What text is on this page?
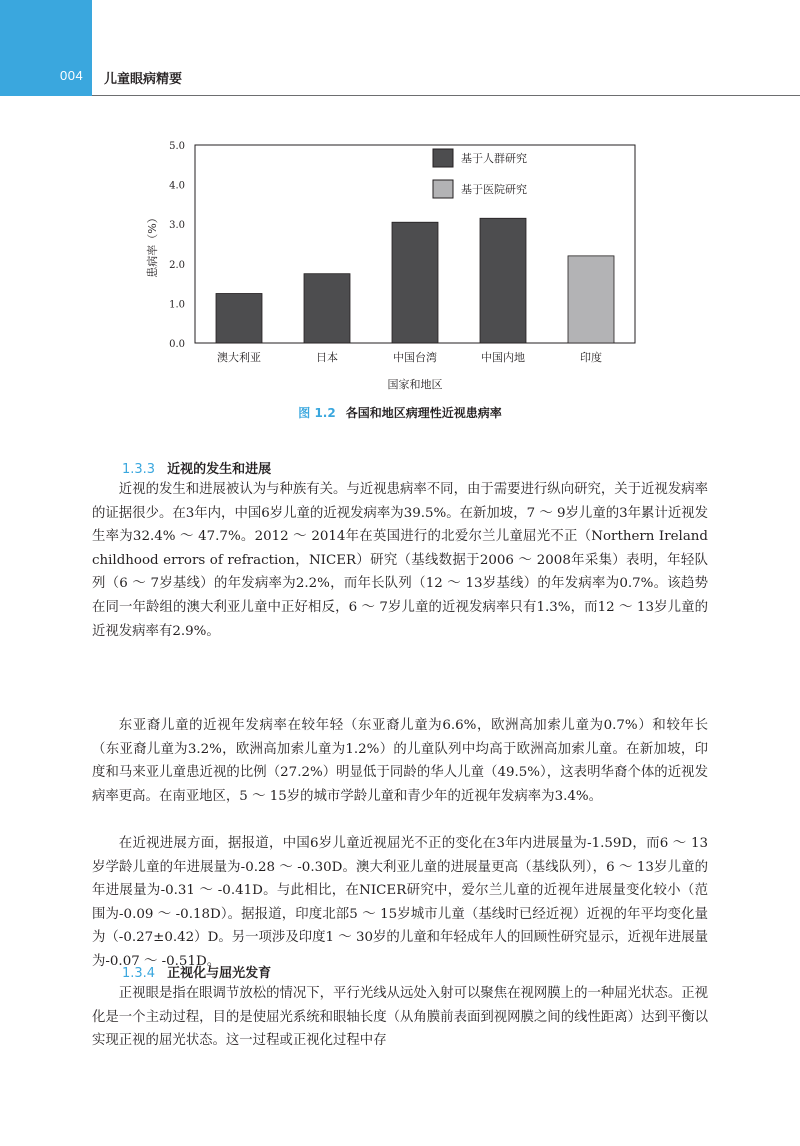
004 儿童眼病精要
患病率（%）
0.0
1.0
2.0
3.0
4.0
5.0
澳大利亚	日本	中国台湾	中国内地	印度
基于人群研究
基于医院研究
国家和地区
图 1.2 各国和地区病理性近视患病率
1.3.3 近视的发生和进展

近视的发生和进展被认为与种族有关。与近视患病率不同，由于需要进行纵向研究，关于近视发病率的证据很少。在3年内，中国6岁儿童的近视发病率为39.5%。在新加坡，7 ～ 9岁儿童的3年累计近视发生率为32.4% ～ 47.7%。2012 ～ 2014年在英国进行的北爱尔兰儿童屈光不正（Northern Ireland childhood errors of refraction，NICER）研究（基线数据于2006 ～ 2008年采集）表明，年轻队列（6 ～ 7岁基线）的年发病率为2.2%，而年长队列（12 ～ 13岁基线）的年发病率为0.7%。该趋势在同一年龄组的澳大利亚儿童中正好相反，6 ～ 7岁儿童的近视发病率只有1.3%，而12 ～ 13岁儿童的近视发病率有2.9%。

东亚裔儿童的近视年发病率在较年轻（东亚裔儿童为6.6%，欧洲高加索儿童为0.7%）和较年长（东亚裔儿童为3.2%，欧洲高加索儿童为1.2%）的儿童队列中均高于欧洲高加索儿童。在新加坡，印度和马来亚儿童患近视的比例（27.2%）明显低于同龄的华人儿童（49.5%），这表明华裔个体的近视发病率更高。在南亚地区，5 ～ 15岁的城市学龄儿童和青少年的近视年发病率为3.4%。

在近视进展方面，据报道，中国6岁儿童近视屈光不正的变化在3年内进展量为-1.59D，而6 ～ 13岁学龄儿童的年进展量为-0.28 ～ -0.30D。澳大利亚儿童的进展量更高（基线队列），6 ～ 13岁儿童的年进展量为-0.31 ～ -0.41D。与此相比，在NICER研究中，爱尔兰儿童的近视年进展量变化较小（范围为-0.09 ～ -0.18D）。据报道，印度北部5 ～ 15岁城市儿童（基线时已经近视）近视的年平均变化量为（-0.27±0.42）D。另一项涉及印度1 ～ 30岁的儿童和年轻成年人的回顾性研究显示，近视年进展量为-0.07 ～ -0.51D。

1.3.4 正视化与屈光发育

正视眼是指在眼调节放松的情况下，平行光线从远处入射可以聚焦在视网膜上的一种屈光状态。正视化是一个主动过程，目的是使屈光系统和眼轴长度（从角膜前表面到视网膜之间的线性距离）达到平衡以实现正视的屈光状态。这一过程或正视化过程中存
